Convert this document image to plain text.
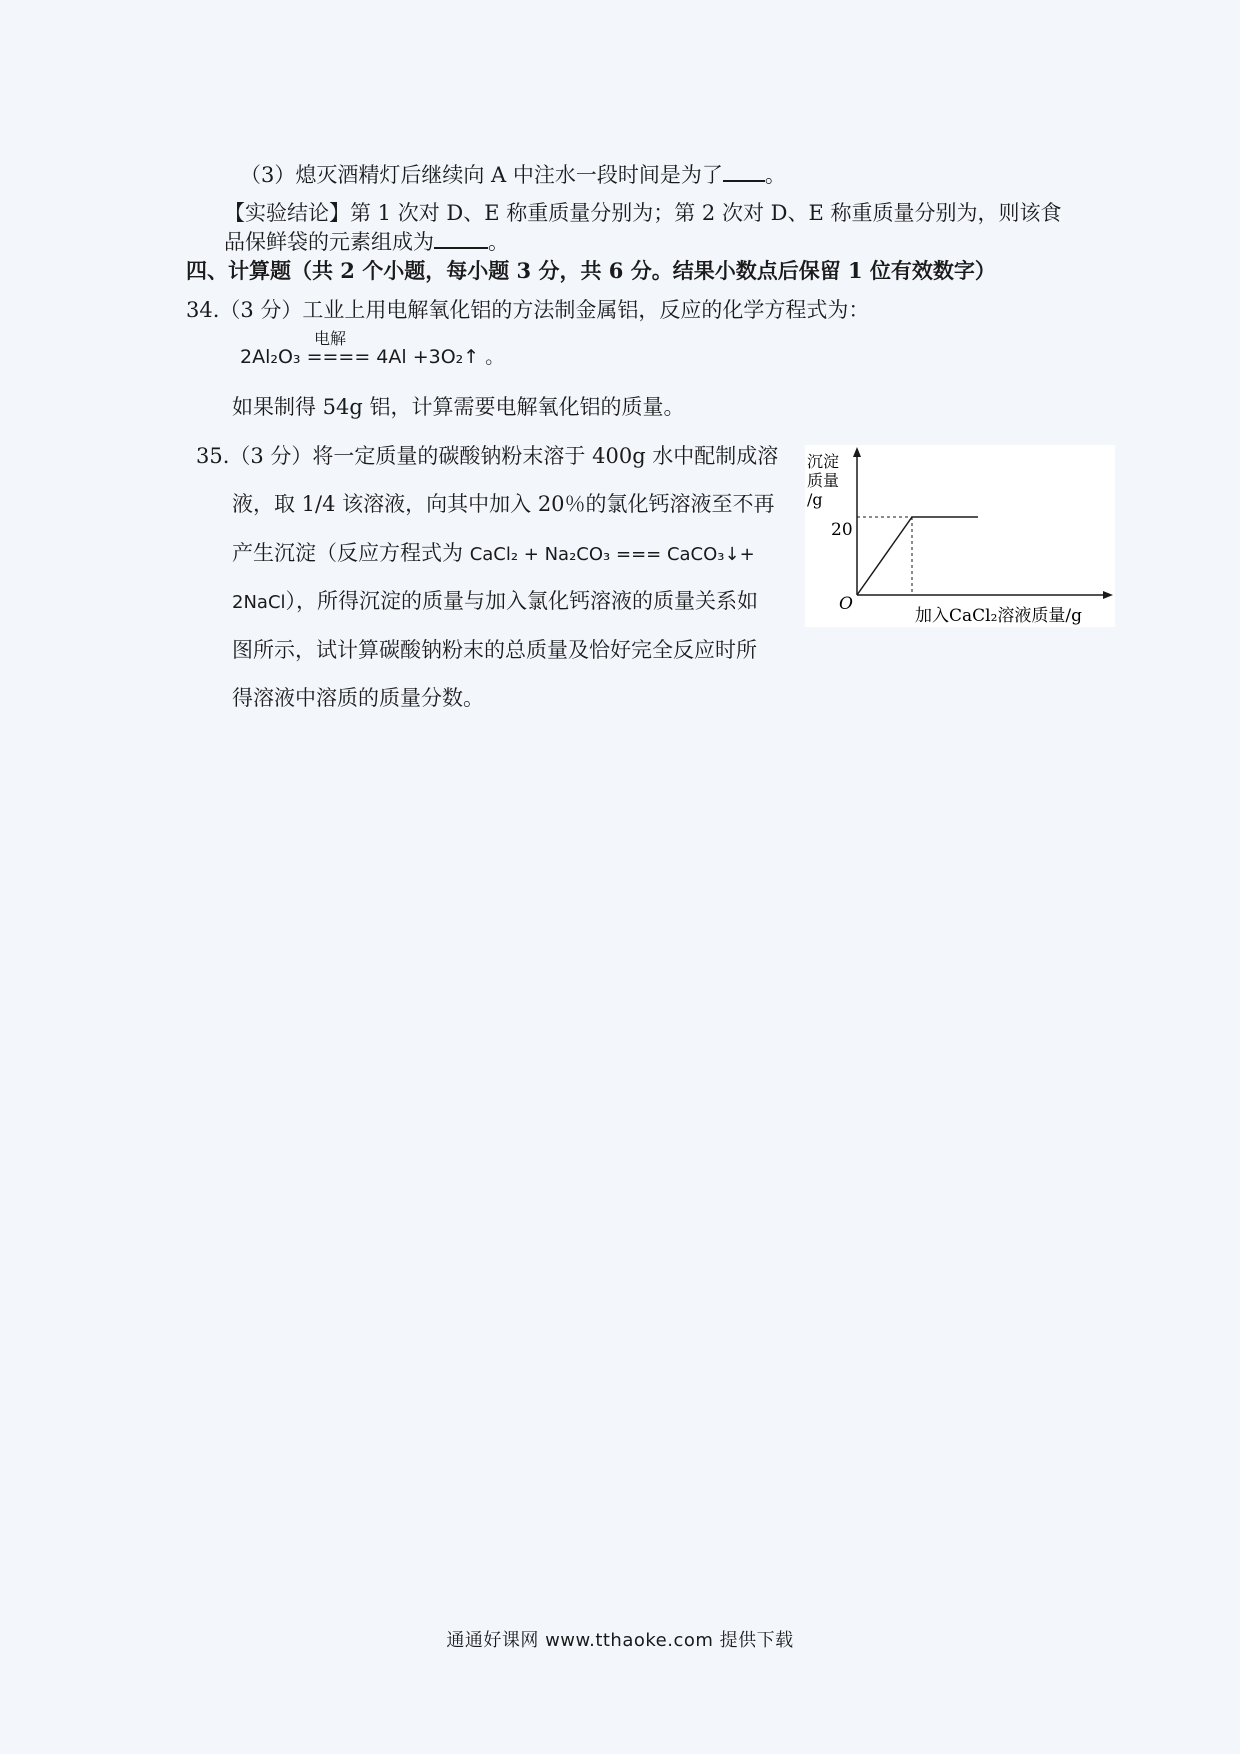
（3）熄灭酒精灯后继续向 A 中注水一段时间是为了 。
【实验结论】第 1 次对 D、E 称重质量分别为；第 2 次对 D、E 称重质量分别为，则该食
品保鲜袋的元素组成为	。
四、计算题（共 2 个小题，每小题 3 分，共 6 分。结果小数点后保留 1 位有效数字）
34.（3 分）工业上用电解氧化铝的方法制金属铝，反应的化学方程式为：
电解
2Al₂O₃ ==== 4Al +3O₂↑ 。
如果制得 54g 铝，计算需要电解氧化铝的质量。
35.（3 分）将一定质量的碳酸钠粉末溶于 400g 水中配制成溶
液，取 1/4 该溶液，向其中加入 20％的氯化钙溶液至不再
产生沉淀（反应方程式为 CaCl₂ + Na₂CO₃ === CaCO₃↓+
2NaCl），所得沉淀的质量与加入氯化钙溶液的质量关系如
图所示，试计算碳酸钠粉末的总质量及恰好完全反应时所
得溶液中溶质的质量分数。
沉淀
质量
/g
O
20
加入CaCl₂溶液质量/g
通通好课网 www.tthaoke.com 提供下载
